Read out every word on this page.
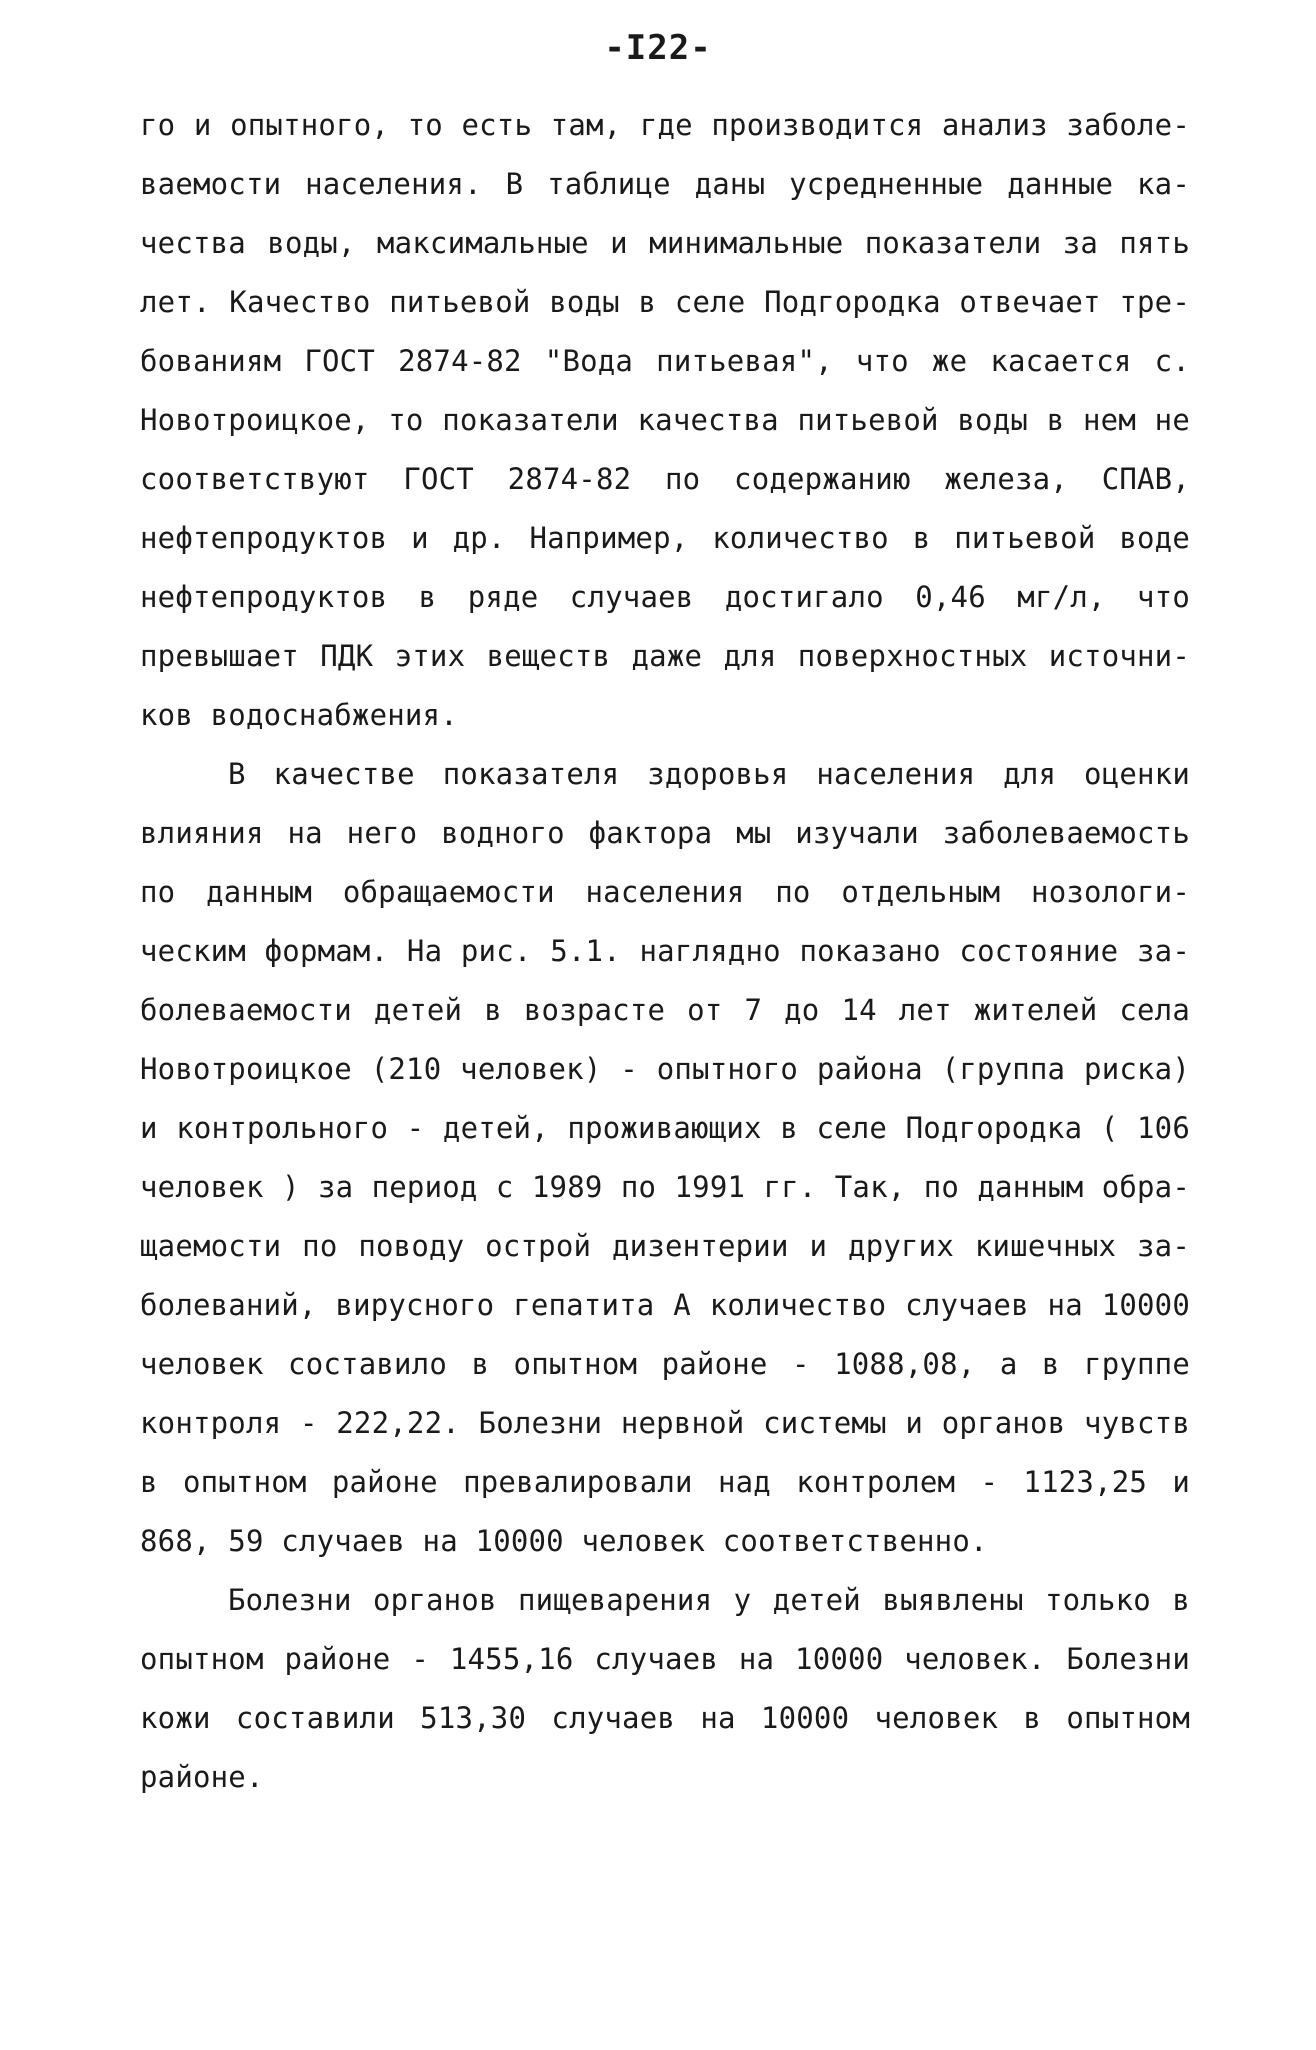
-I22-
го и опытного, то есть там, где производится анализ заболе-
ваемости населения. В таблице даны усредненные данные ка-
чества воды, максимальные и минимальные показатели за пять
лет. Качество питьевой воды в селе Подгородка отвечает тре-
бованиям ГОСТ 2874-82 "Вода питьевая", что же касается с.
Новотроицкое, то показатели качества питьевой воды в нем не
соответствуют ГОСТ 2874-82 по содержанию железа, СПАВ,
нефтепродуктов и др. Например, количество в питьевой воде
нефтепродуктов в ряде случаев достигало 0,46 мг/л, что
превышает ПДК этих веществ даже для поверхностных источни-
ков водоснабжения.
В качестве показателя здоровья населения для оценки
влияния на него водного фактора мы изучали заболеваемость
по данным обращаемости населения по отдельным нозологи-
ческим формам. На рис. 5.1. наглядно показано состояние за-
болеваемости детей в возрасте от 7 до 14 лет жителей села
Новотроицкое (210 человек) - опытного района (группа риска)
и контрольного - детей, проживающих в селе Подгородка ( 106
человек ) за период с 1989 по 1991 гг. Так, по данным обра-
щаемости по поводу острой дизентерии и других кишечных за-
болеваний, вирусного гепатита А количество случаев на 10000
человек составило в опытном районе - 1088,08, а в группе
контроля - 222,22. Болезни нервной системы и органов чувств
в опытном районе превалировали над контролем - 1123,25 и
868, 59 случаев на 10000 человек соответственно.
Болезни органов пищеварения у детей выявлены только в
опытном районе - 1455,16 случаев на 10000 человек. Болезни
кожи составили 513,30 случаев на 10000 человек в опытном
районе.
